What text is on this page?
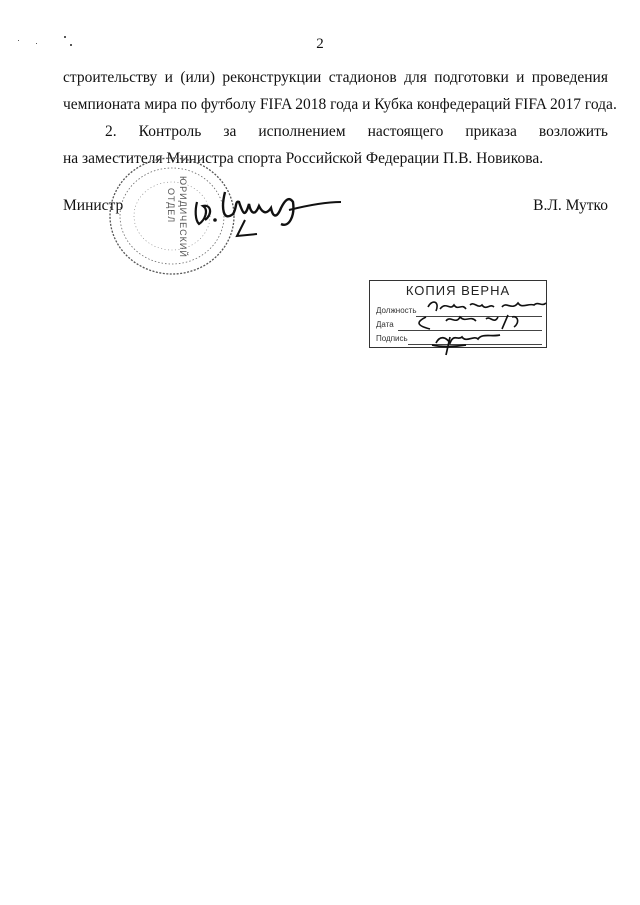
2
строительству и (или) реконструкции стадионов для подготовки и проведения
чемпионата мира по футболу FIFA 2018 года и Кубка конфедераций FIFA 2017 года.
2. Контроль за исполнением настоящего приказа возложить
на заместителя Министра спорта Российской Федерации П.В. Новикова.
ЮРИДИЧЕСКИЙ
ОТДЕЛ
Министр	В.Л. Мутко
КОПИЯ ВЕРНА
Должность
Дата
Подпись
